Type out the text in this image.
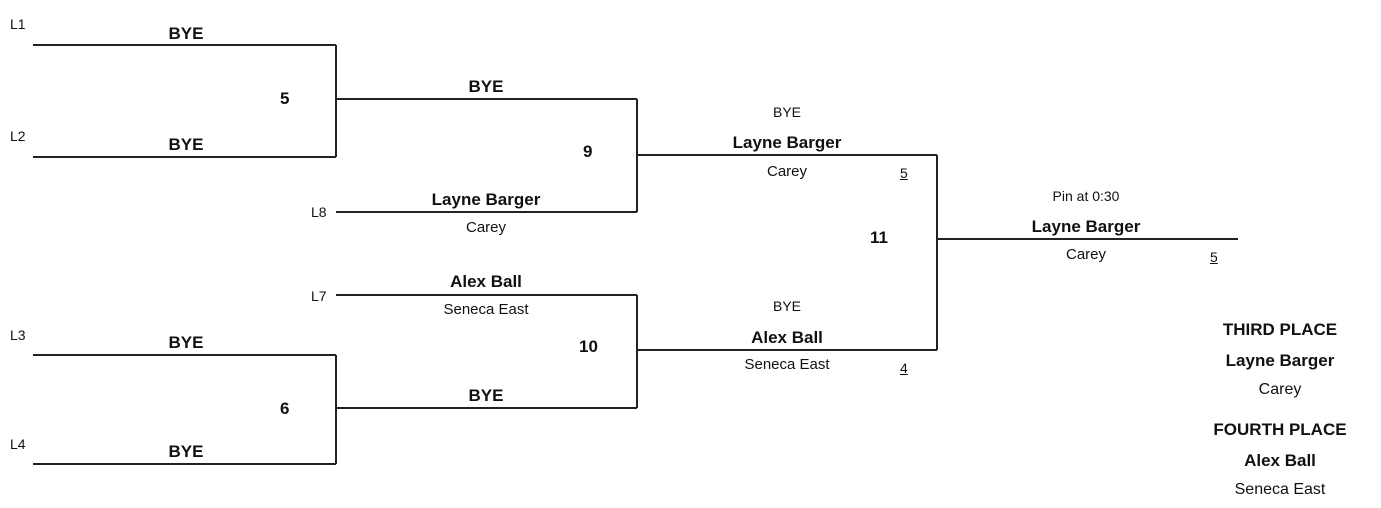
L1
L2
L3
L4
L7
L8
BYE
BYE
5
BYE
BYE
6
BYE
Layne Barger
Carey
9
Alex Ball
Seneca East
BYE
10
BYE
Layne Barger
Carey	5
BYE
Alex Ball
Seneca East	4
11
Pin at 0:30
Layne Barger
Carey	5
THIRD PLACE
Layne Barger
Carey
FOURTH PLACE
Alex Ball
Seneca East
